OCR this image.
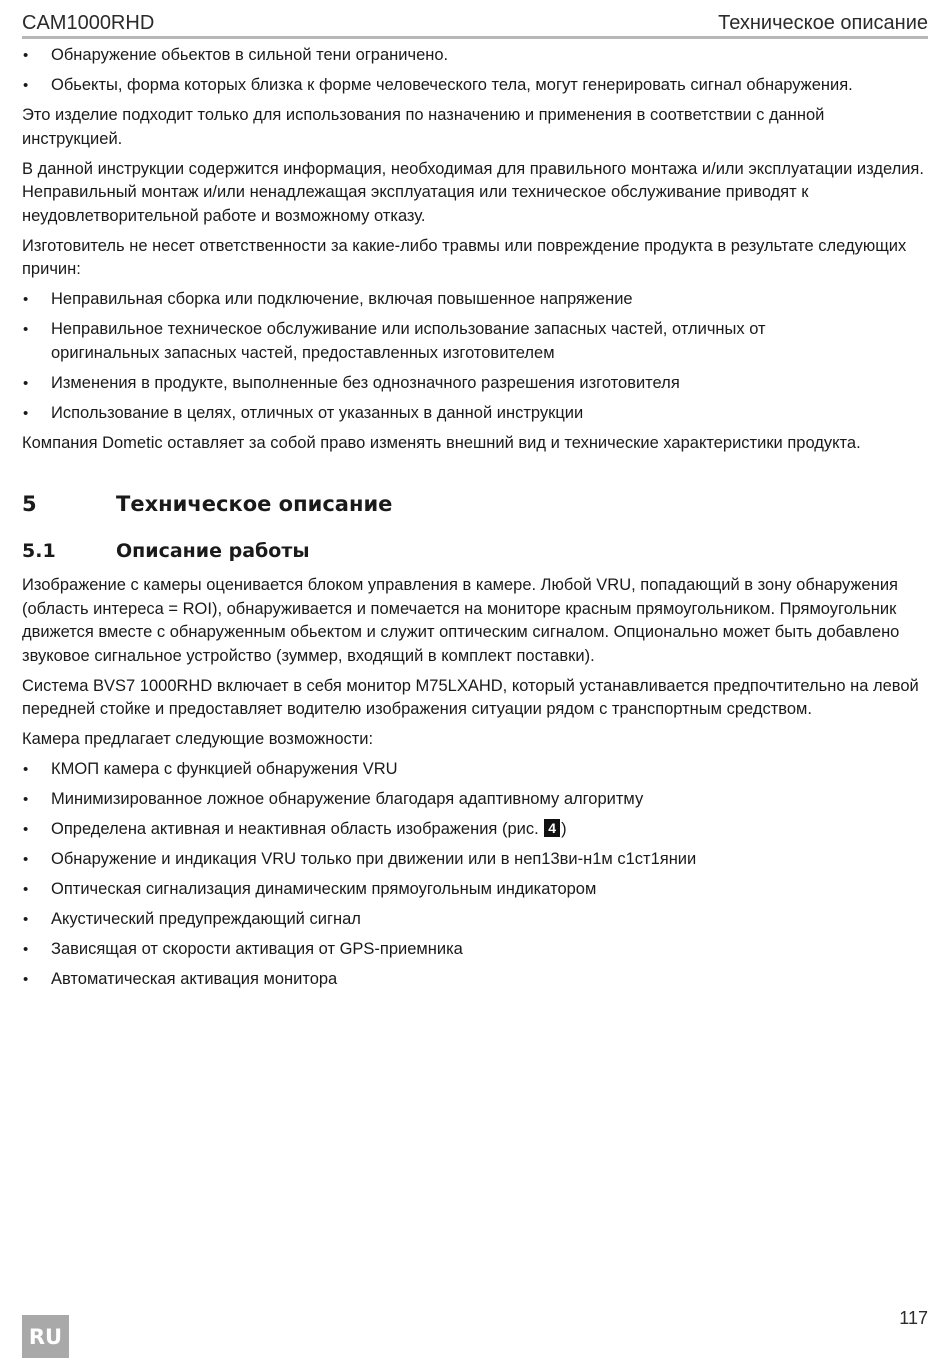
CAM1000RHD	Техническое описание
•	Обнаружение обьектов в сильной тени ограничено.
•	Обьекты, форма которых близка к форме человеческого тела, могут генерировать сигнал обнаружения.
Это изделие подходит только для использования по назначению и применения в соответствии с данной инструкцией.
В данной инструкции содержится информация, необходимая для правильного монтажа и/или эксплуатации изделия. Неправильный монтаж и/или ненадлежащая эксплуатация или техническое обслуживание приводят к неудовлетворительной работе и возможному отказу.
Изготовитель не несет ответственности за какие-либо травмы или повреждение продукта в результате следующих причин:
•	Неправильная сборка или подключение, включая повышенное напряжение
•	Неправильное техническое обслуживание или использование запасных частей, отличных от оригинальных запасных частей, предоставленных изготовителем
•	Изменения в продукте, выполненные без однозначного разрешения изготовителя
•	Использование в целях, отличных от указанных в данной инструкции
Компания Dometic оставляет за собой право изменять внешний вид и технические характеристики продукта.
5	Техническое описание
5.1	Описание работы
Изображение с камеры оценивается блоком управления в камере. Любой VRU, попадающий в зону обнаружения (область интереса = ROI), обнаруживается и помечается на мониторе красным прямоугольником. Прямоугольник движется вместе с обнаруженным обьектом и служит оптическим сигналом. Опционально может быть добавлено звуковое сигнальное устройство (зуммер, входящий в комплект поставки).
Система BVS7 1000RHD включает в себя монитор M75LXAHD, который устанавливается предпочтительно на левой передней стойке и предоставляет водителю изображения ситуации рядом с транспортным средством.
Камера предлагает следующие возможности:
•	КМОП камера с функцией обнаружения VRU
•	Минимизированное ложное обнаружение благодаря адаптивному алгоритму
•	Определена активная и неактивная область изображения (рис. 4 )
•	Обнаружение и индикация VRU только при движении или в неп13ви-н1м с1ст1янии
•	Оптическая сигнализация динамическим прямоугольным индикатором
•	Акустический предупреждающий сигнал
•	Зависящая от скорости активация от GPS-приемника
•	Автоматическая активация монитора
RU
117
